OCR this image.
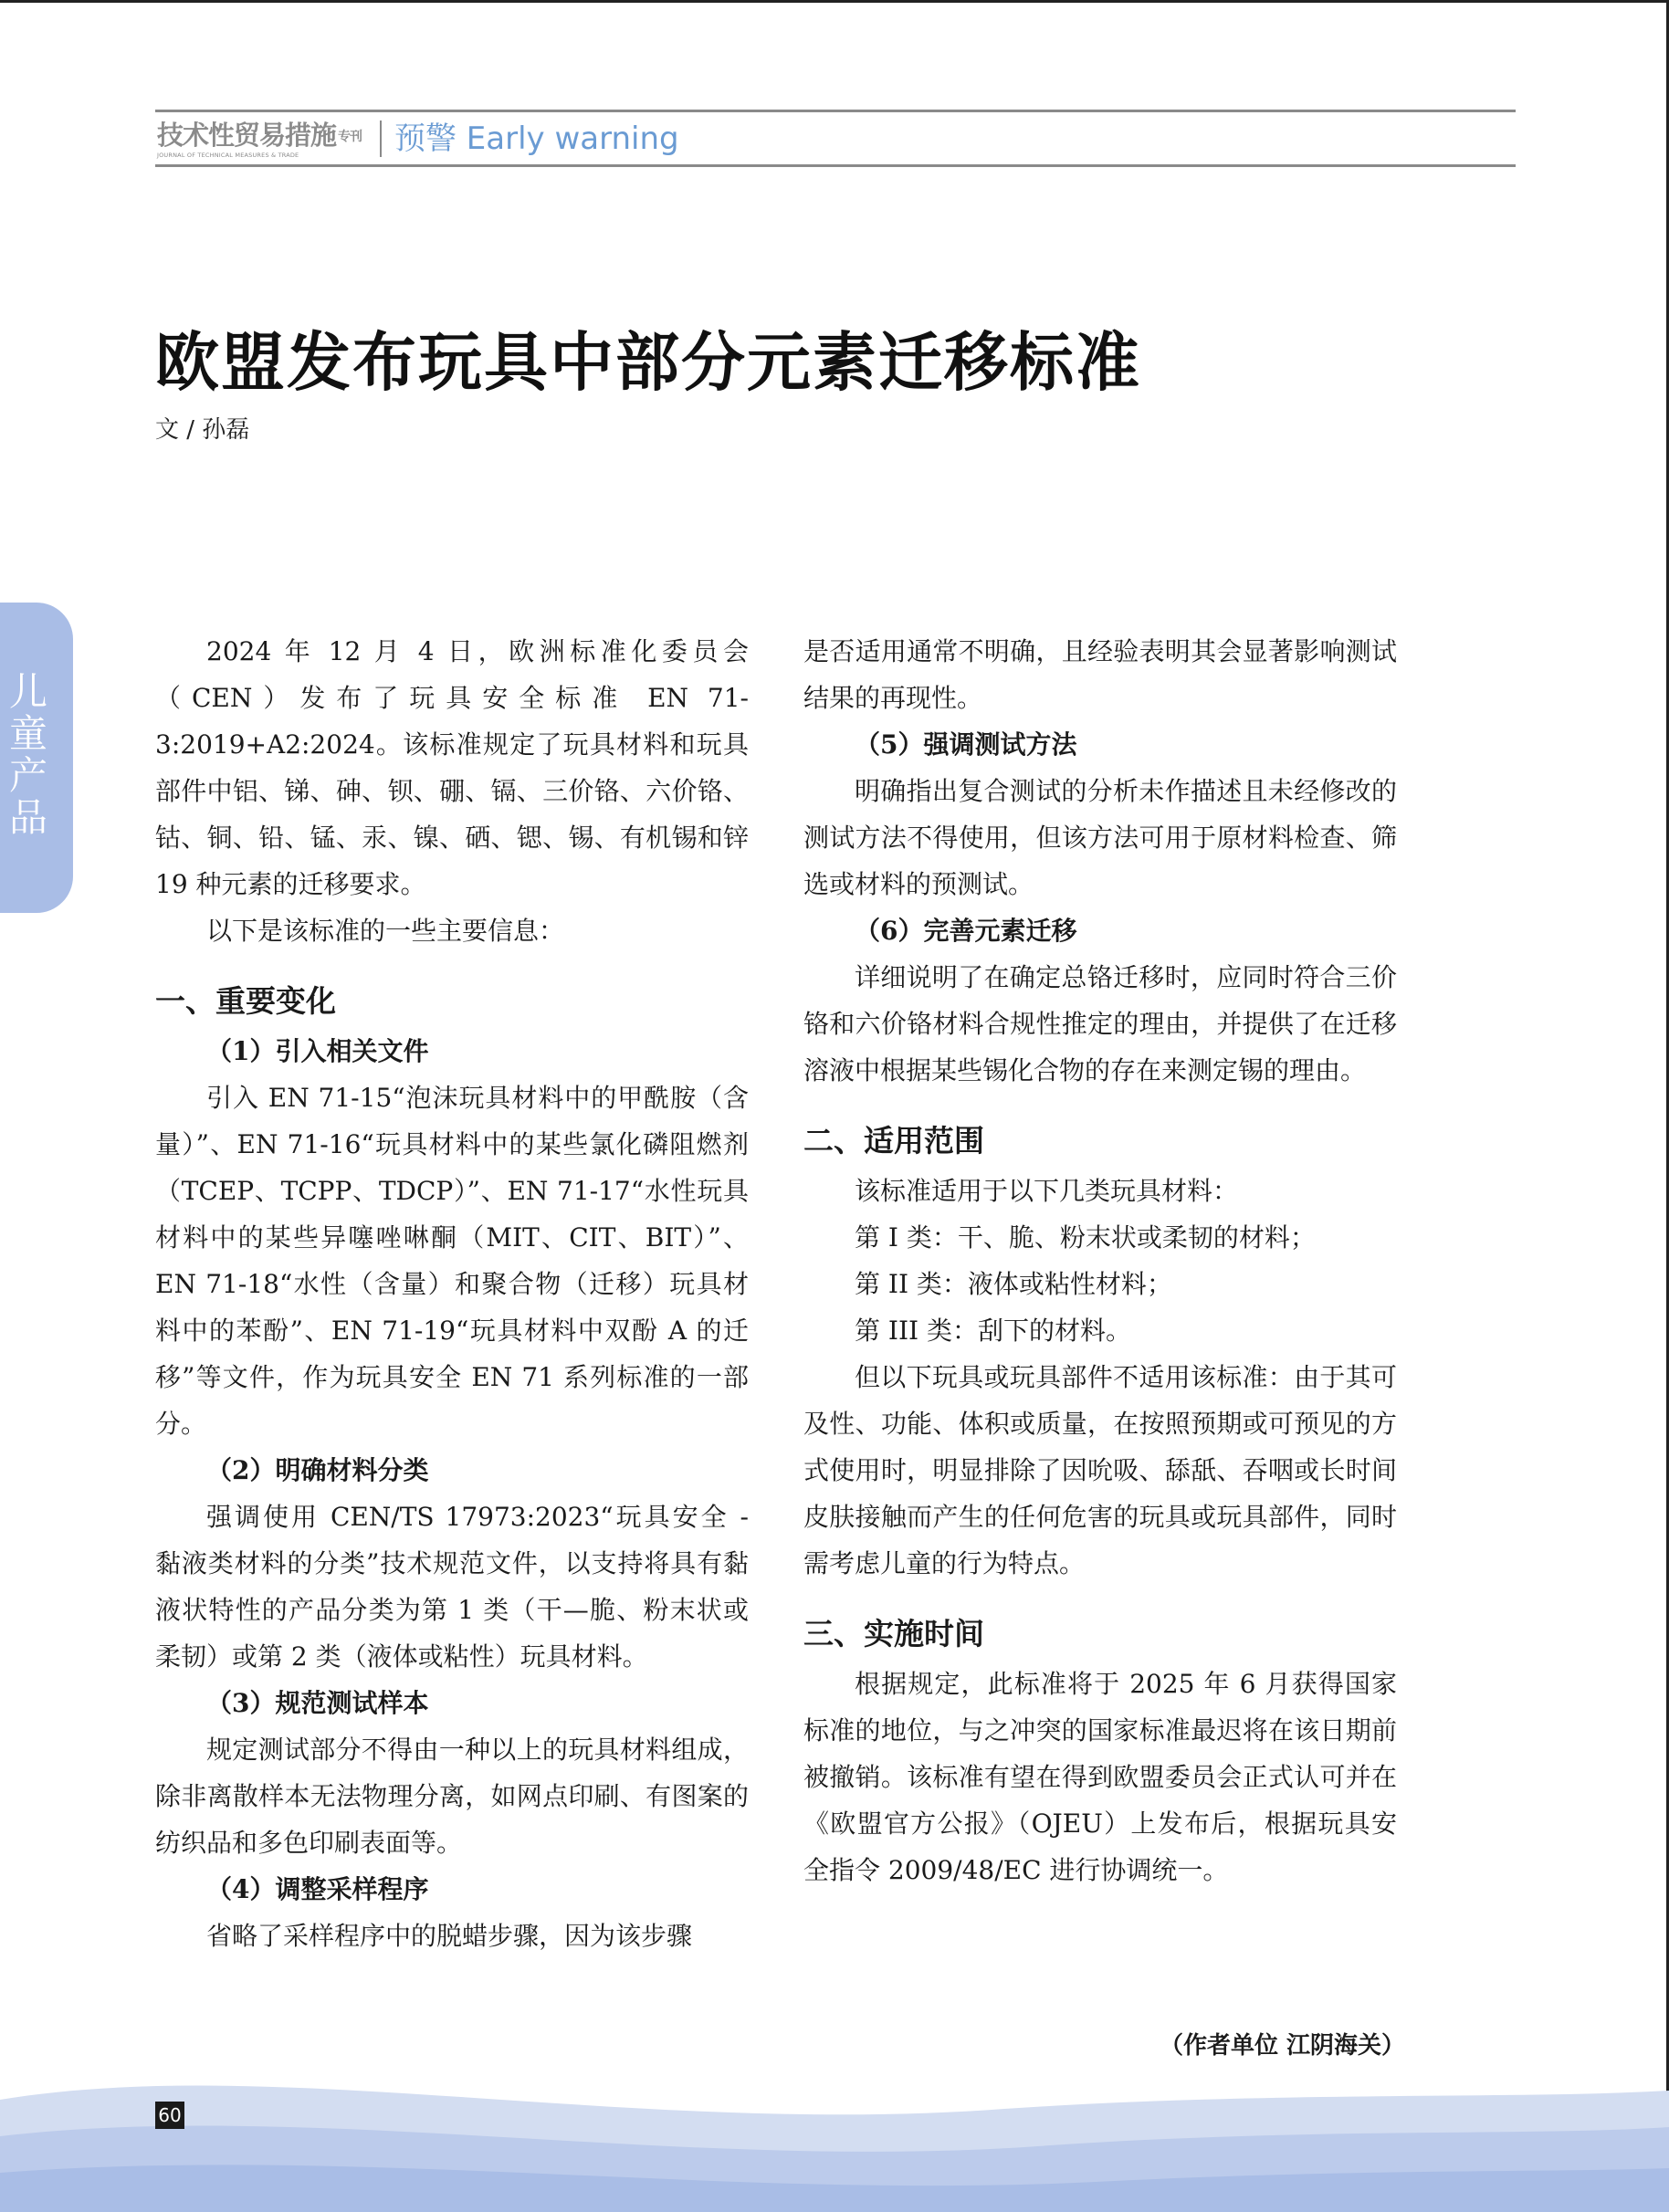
技术性贸易措施 专刊
JOURNAL OF TECHNICAL MEASURES & TRADE	预警 Early warning
欧盟发布玩具中部分元素迁移标准
文 / 孙磊
儿童产品

2024 年 12 月 4 日，欧洲标准化委员会（CEN）发布了玩具安全标准 EN 71-3:2019+A2:2024。该标准规定了玩具材料和玩具部件中铝、锑、砷、钡、硼、镉、三价铬、六价铬、钴、铜、铅、锰、汞、镍、硒、锶、锡、有机锡和锌 19 种元素的迁移要求。

以下是该标准的一些主要信息：

一、重要变化
（1）引入相关文件

引入 EN 71-15“泡沫玩具材料中的甲酰胺（含量）”、EN 71-16“玩具材料中的某些氯化磷阻燃剂（TCEP、TCPP、TDCP）”、EN 71-17“水性玩具材料中的某些异噻唑啉酮（MIT、CIT、BIT）”、EN 71-18“水性（含量）和聚合物（迁移）玩具材料中的苯酚”、EN 71-19“玩具材料中双酚 A 的迁移”等文件，作为玩具安全 EN 71 系列标准的一部分。

（2）明确材料分类

强调使用 CEN/TS 17973:2023“玩具安全 - 黏液类材料的分类”技术规范文件，以支持将具有黏液状特性的产品分类为第 1 类（干—脆、粉末状或柔韧）或第 2 类（液体或粘性）玩具材料。

（3）规范测试样本

规定测试部分不得由一种以上的玩具材料组成，除非离散样本无法物理分离，如网点印刷、有图案的纺织品和多色印刷表面等。

（4）调整采样程序

省略了采样程序中的脱蜡步骤，因为该步骤

是否适用通常不明确，且经验表明其会显著影响测试结果的再现性。

（5）强调测试方法

明确指出复合测试的分析未作描述且未经修改的测试方法不得使用，但该方法可用于原材料检查、筛选或材料的预测试。

（6）完善元素迁移

详细说明了在确定总铬迁移时，应同时符合三价铬和六价铬材料合规性推定的理由，并提供了在迁移溶液中根据某些锡化合物的存在来测定锡的理由。

二、适用范围

该标准适用于以下几类玩具材料：

第 I 类：干、脆、粉末状或柔韧的材料；

第 II 类：液体或粘性材料；

第 III 类：刮下的材料。

但以下玩具或玩具部件不适用该标准：由于其可及性、功能、体积或质量，在按照预期或可预见的方式使用时，明显排除了因吮吸、舔舐、吞咽或长时间皮肤接触而产生的任何危害的玩具或玩具部件，同时需考虑儿童的行为特点。

三、实施时间

根据规定，此标准将于 2025 年 6 月获得国家标准的地位，与之冲突的国家标准最迟将在该日期前被撤销。该标准有望在得到欧盟委员会正式认可并在《欧盟官方公报》（OJEU）上发布后，根据玩具安全指令 2009/48/EC 进行协调统一。

（作者单位 江阴海关）
60
